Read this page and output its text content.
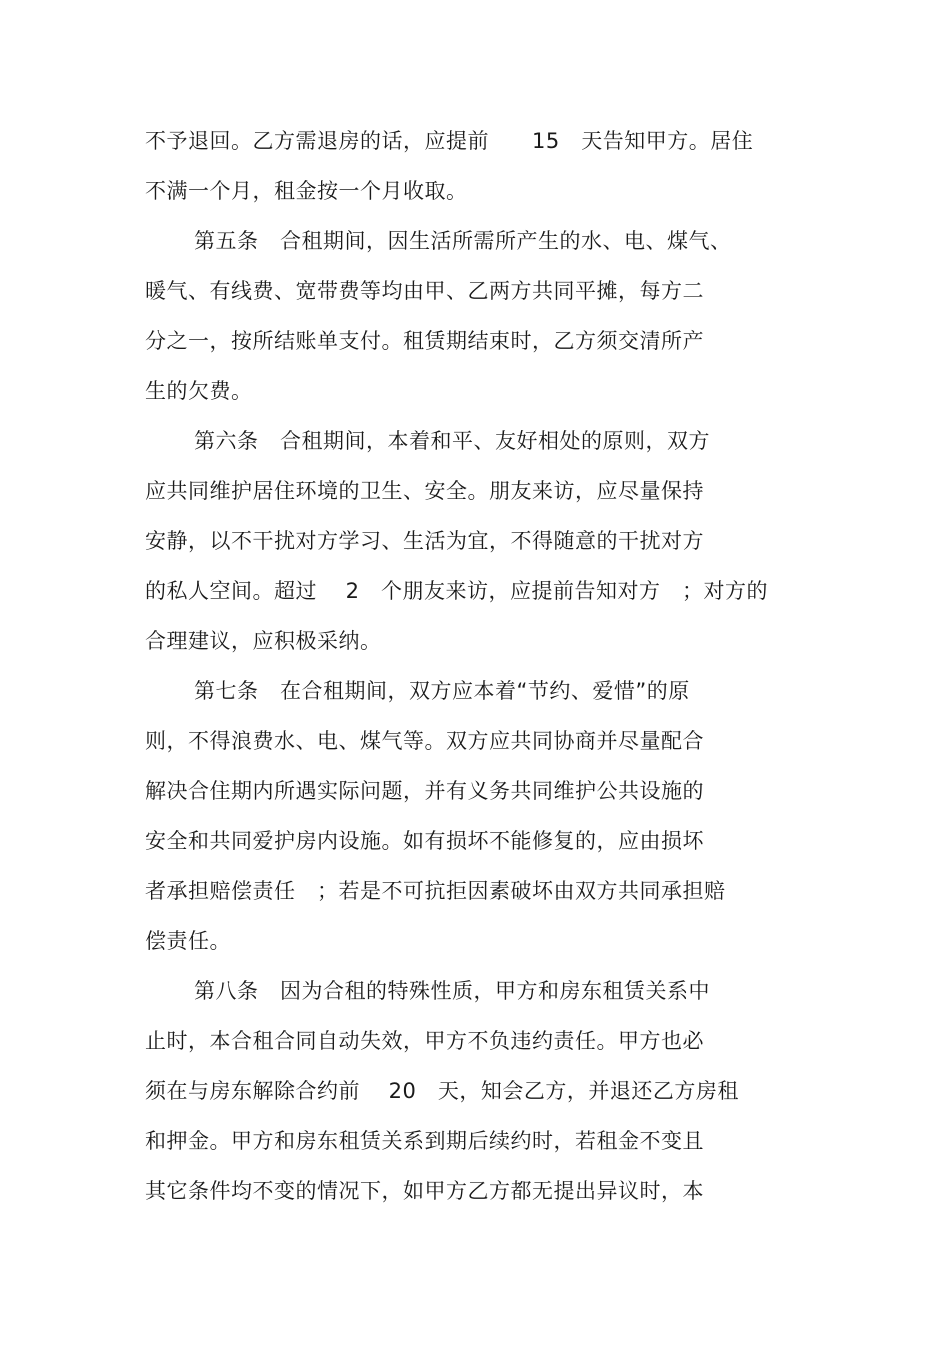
不予退回。乙方需退房的话，应提前　　15　天告知甲方。居住
不满一个月，租金按一个月收取。
第五条　合租期间，因生活所需所产生的水、电、煤气、
暖气、有线费、宽带费等均由甲、乙两方共同平摊，每方二
分之一，按所结账单支付。租赁期结束时，乙方须交清所产
生的欠费。
第六条　合租期间，本着和平、友好相处的原则，双方
应共同维护居住环境的卫生、安全。朋友来访，应尽量保持
安静，以不干扰对方学习、生活为宜，不得随意的干扰对方
的私人空间。超过　 2　个朋友来访，应提前告知对方　；对方的
合理建议，应积极采纳。
第七条　在合租期间，双方应本着“节约、爱惜”的原
则，不得浪费水、电、煤气等。双方应共同协商并尽量配合
解决合住期内所遇实际问题，并有义务共同维护公共设施的
安全和共同爱护房内设施。如有损坏不能修复的，应由损坏
者承担赔偿责任　；若是不可抗拒因素破坏由双方共同承担赔
偿责任。
第八条　因为合租的特殊性质，甲方和房东租赁关系中
止时，本合租合同自动失效，甲方不负违约责任。甲方也必
须在与房东解除合约前　 20　天，知会乙方，并退还乙方房租
和押金。甲方和房东租赁关系到期后续约时，若租金不变且
其它条件均不变的情况下，如甲方乙方都无提出异议时，本
